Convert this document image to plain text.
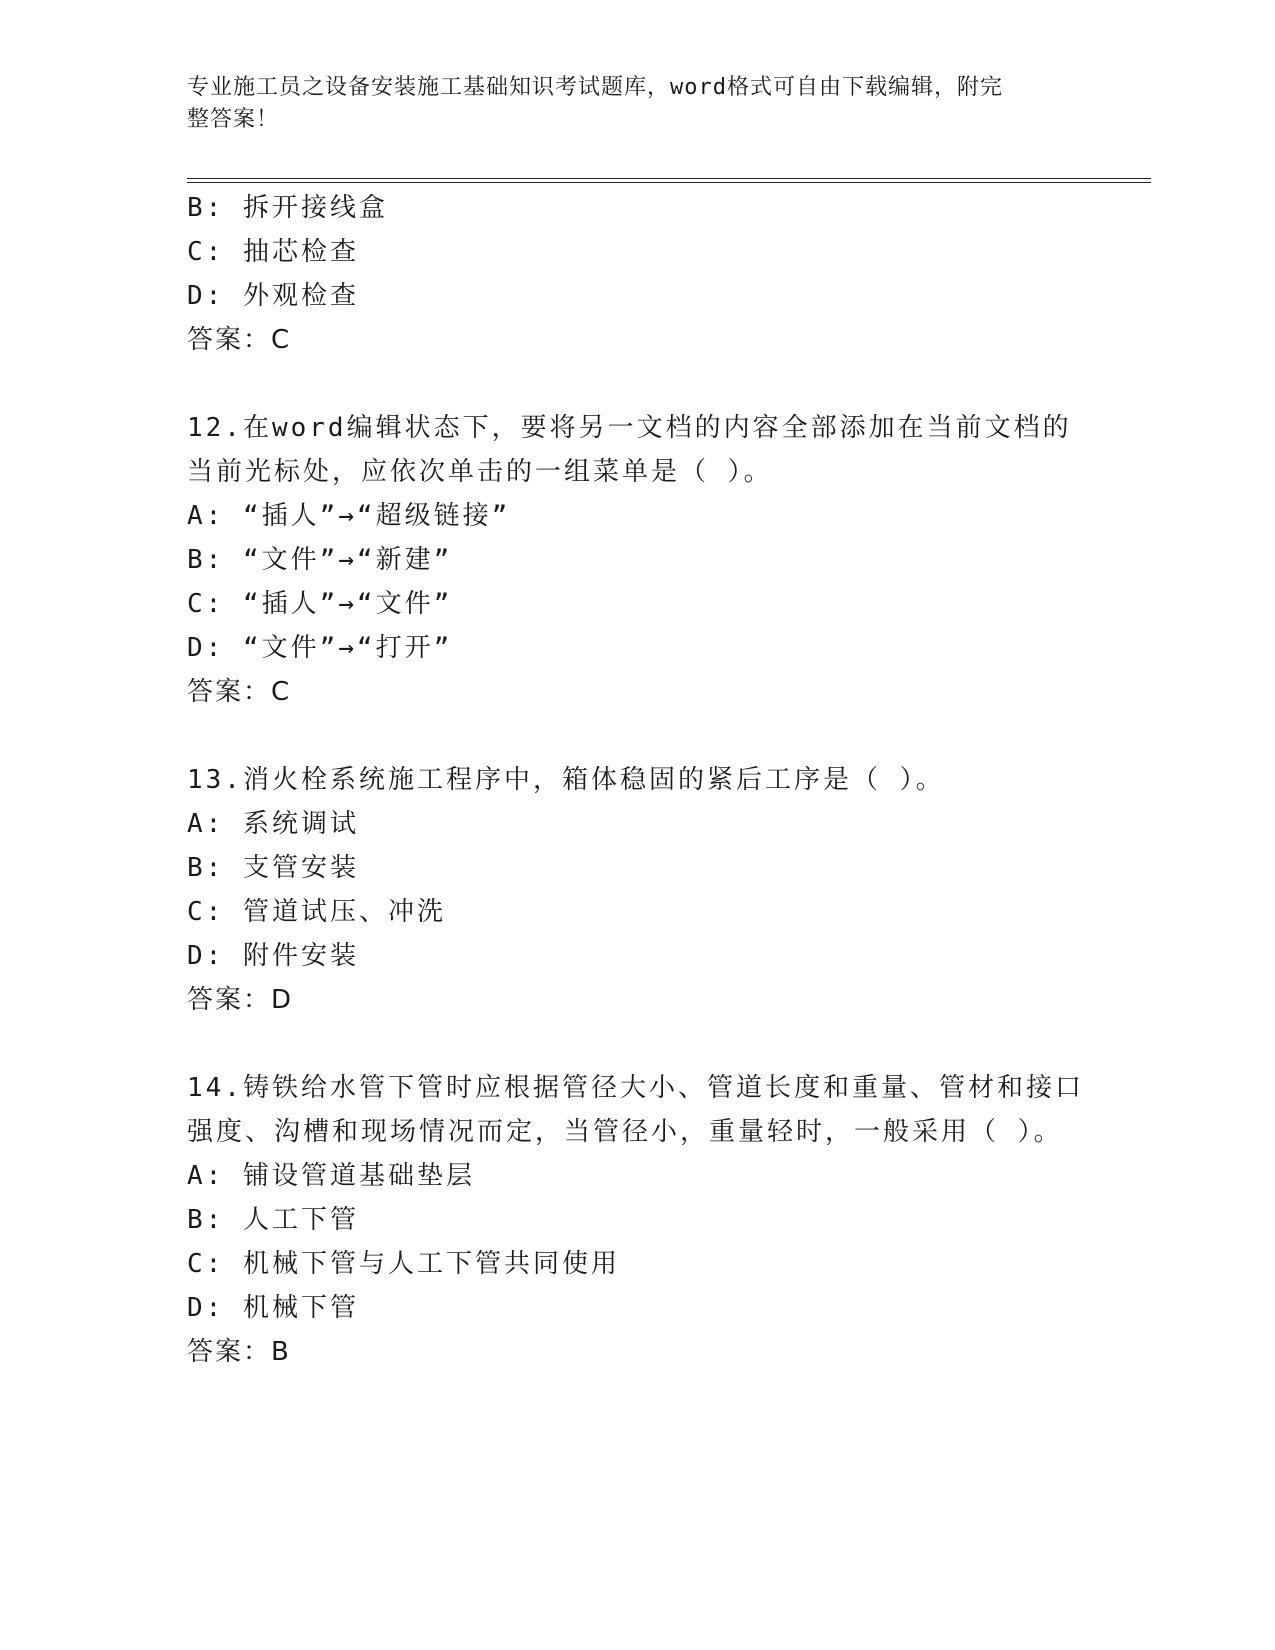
专业施工员之设备安装施工基础知识考试题库，word格式可自由下载编辑，附完
整答案！
B: 拆开接线盒
C: 抽芯检查
D: 外观检查
答案：C
12.在word编辑状态下，要将另一文档的内容全部添加在当前文档的
当前光标处，应依次单击的一组菜单是（ ）。
A: “插人”→“超级链接”
B: “文件”→“新建”
C: “插人”→“文件”
D: “文件”→“打开”
答案：C
13.消火栓系统施工程序中，箱体稳固的紧后工序是（ ）。
A: 系统调试
B: 支管安装
C: 管道试压、冲洗
D: 附件安装
答案：D
14.铸铁给水管下管时应根据管径大小、管道长度和重量、管材和接口
强度、沟槽和现场情况而定，当管径小，重量轻时，一般采用（ ）。
A: 铺设管道基础垫层
B: 人工下管
C: 机械下管与人工下管共同使用
D: 机械下管
答案：B
